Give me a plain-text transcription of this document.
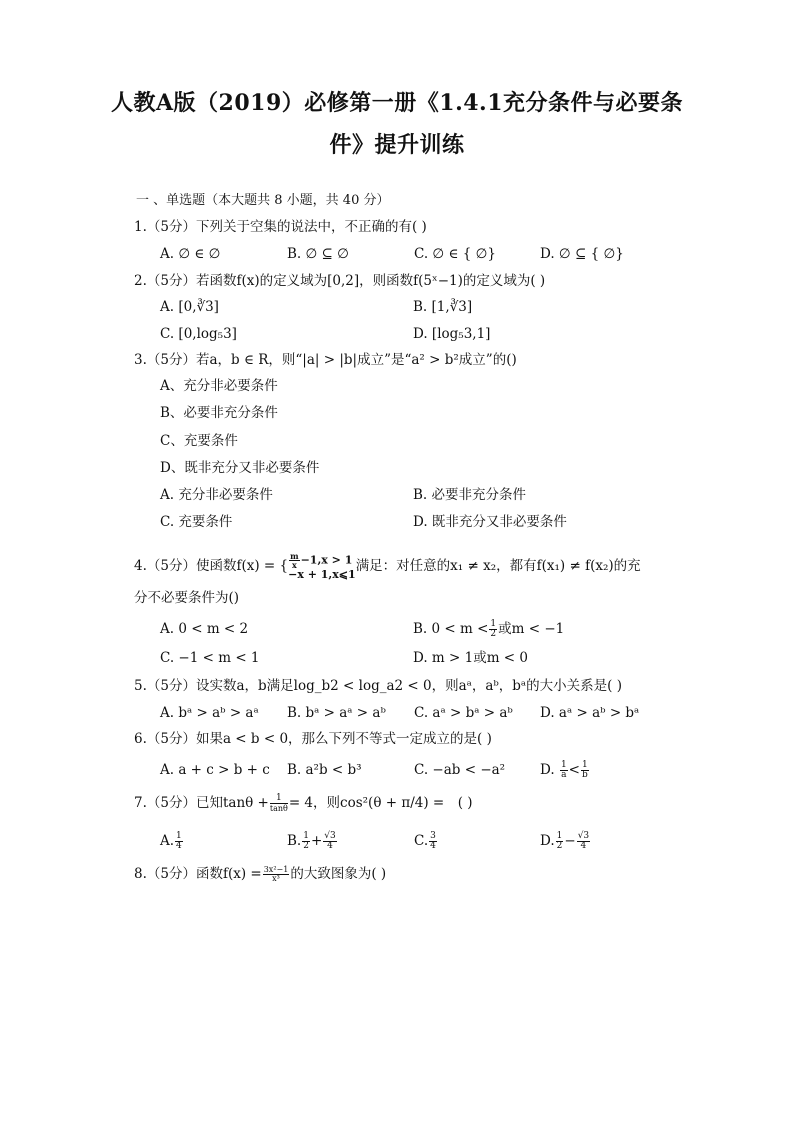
人教A版（2019）必修第一册《1.4.1充分条件与必要条
件》提升训练
一 、单选题（本大题共 8 小题，共 40 分）
1.（5分）下列关于空集的说法中，不正确的有( )
A. ∅ ∈ ∅	B. ∅ ⊆ ∅	C. ∅ ∈ { ∅}	D. ∅ ⊆ { ∅}
2.（5分）若函数f(x)的定义域为[0,2]，则函数f(5ˣ−1)的定义域为( )
A. [0,∛3]	B. [1,∛3]
C. [0,log₅3]	D. [log₅3,1]
3.（5分）若a，b ∈ R，则“|a| > |b|成立”是“a² > b²成立”的()
A、充分非必要条件
B、必要非充分条件
C、充要条件
D、既非充分又非必要条件
A. 充分非必要条件	B. 必要非充分条件
C. 充要条件	D. 既非充分又非必要条件
4.（5分）使函数f(x) = { $\frac{m}{x} -1,x > 1$
−x + 1,x⩽1
满足：对任意的x₁ ≠ x₂，都有f(x₁) ≠ f(x₂)的充
分不必要条件为()
A. 0 < m < 2	B. $0 < m < \frac{1}{2}$ 或m < −1
C. −1 < m < 1	D. m > 1或m < 0
5.（5分）设实数a，b满足log_b2 < log_a2 < 0，则aᵃ，aᵇ，bᵃ的大小关系是( )
A. bᵃ > aᵇ > aᵃ B. bᵃ > aᵃ > aᵇ C. aᵃ > bᵃ > aᵇ D. aᵃ > aᵇ > bᵃ
6.（5分）如果a < b < 0，那么下列不等式一定成立的是( )
A. a + c > b + c B. a²b < b³	C. −ab < −a²	D. $\frac{1}{a} < \frac{1}{b}$
7.（5分）已知$\tan\theta + \frac{1}{\tan\theta} = 4$，则cos²(θ + π/4) =　( )
A. $\frac{1}{4}$	B. $\frac{1}{2} + \frac{√3}{4}$	C. $\frac{3}{4}$	D. $\frac{1}{2} - \frac{√3}{4}$
8.（5分）函数$f(x) = \frac{\text{3x²−1}}{\text{x³}}$ 的大致图象为( )
